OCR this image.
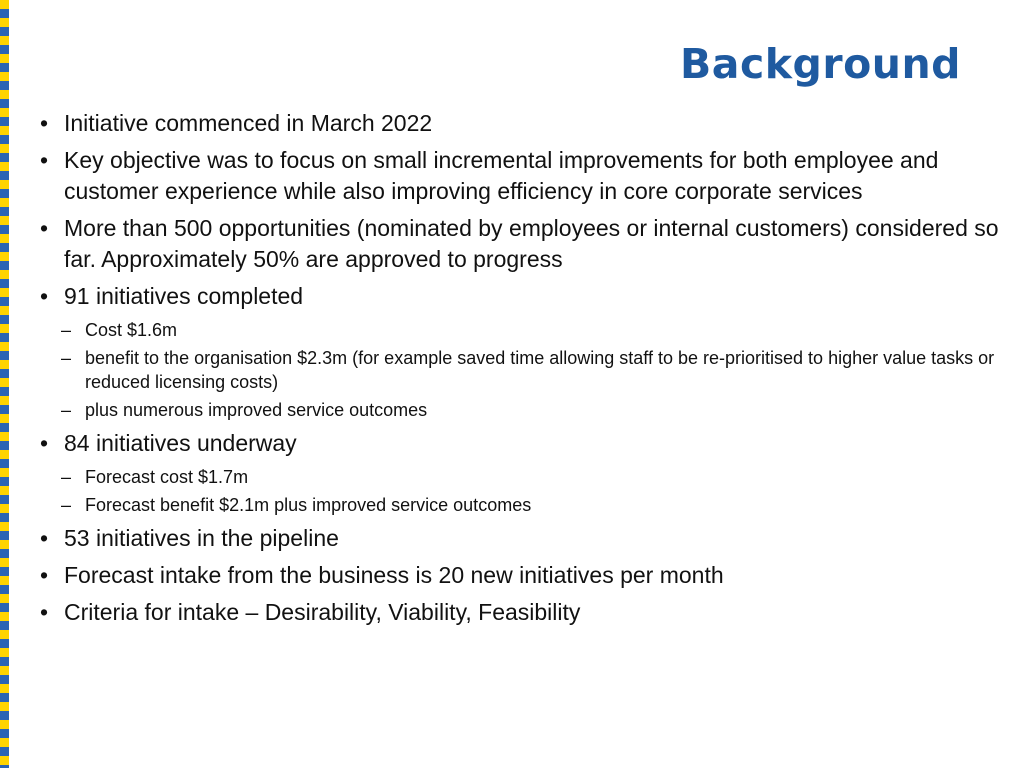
Background
• Initiative commenced in March 2022
• Key objective was to focus on small incremental improvements for both employee and customer experience while also improving efficiency in core corporate services
• More than 500 opportunities (nominated by employees or internal customers) considered so far. Approximately 50% are approved to progress
• 91 initiatives completed
– Cost $1.6m
– benefit to the organisation $2.3m (for example saved time allowing staff to be re-prioritised to higher value tasks or reduced licensing costs)
– plus numerous improved service outcomes
• 84 initiatives underway
– Forecast cost $1.7m
– Forecast benefit $2.1m plus improved service outcomes
• 53 initiatives in the pipeline
• Forecast intake from the business is 20 new initiatives per month
• Criteria for intake – Desirability, Viability, Feasibility
